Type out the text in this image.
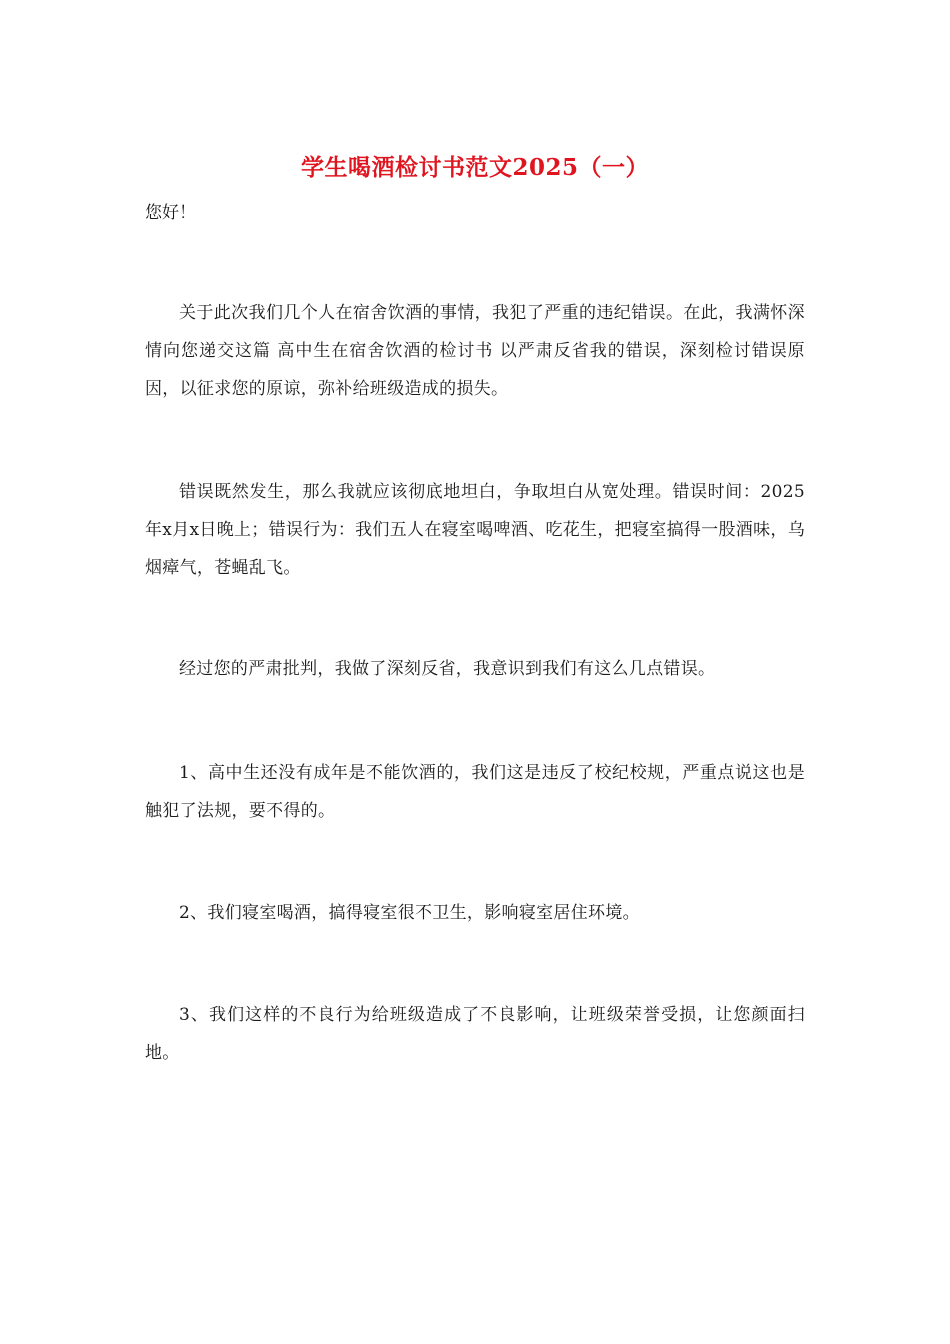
学生喝酒检讨书范文2025（一）
您好！
关于此次我们几个人在宿舍饮酒的事情，我犯了严重的违纪错误。在此，我满怀深情向您递交这篇 高中生在宿舍饮酒的检讨书 以严肃反省我的错误，深刻检讨错误原因，以征求您的原谅，弥补给班级造成的损失。
错误既然发生，那么我就应该彻底地坦白，争取坦白从宽处理。错误时间：2025年x月x日晚上；错误行为：我们五人在寝室喝啤酒、吃花生，把寝室搞得一股酒味，乌烟瘴气，苍蝇乱飞。
经过您的严肃批判，我做了深刻反省，我意识到我们有这么几点错误。
1、高中生还没有成年是不能饮酒的，我们这是违反了校纪校规，严重点说这也是触犯了法规，要不得的。
2、我们寝室喝酒，搞得寝室很不卫生，影响寝室居住环境。
3、我们这样的不良行为给班级造成了不良影响，让班级荣誉受损，让您颜面扫地。
